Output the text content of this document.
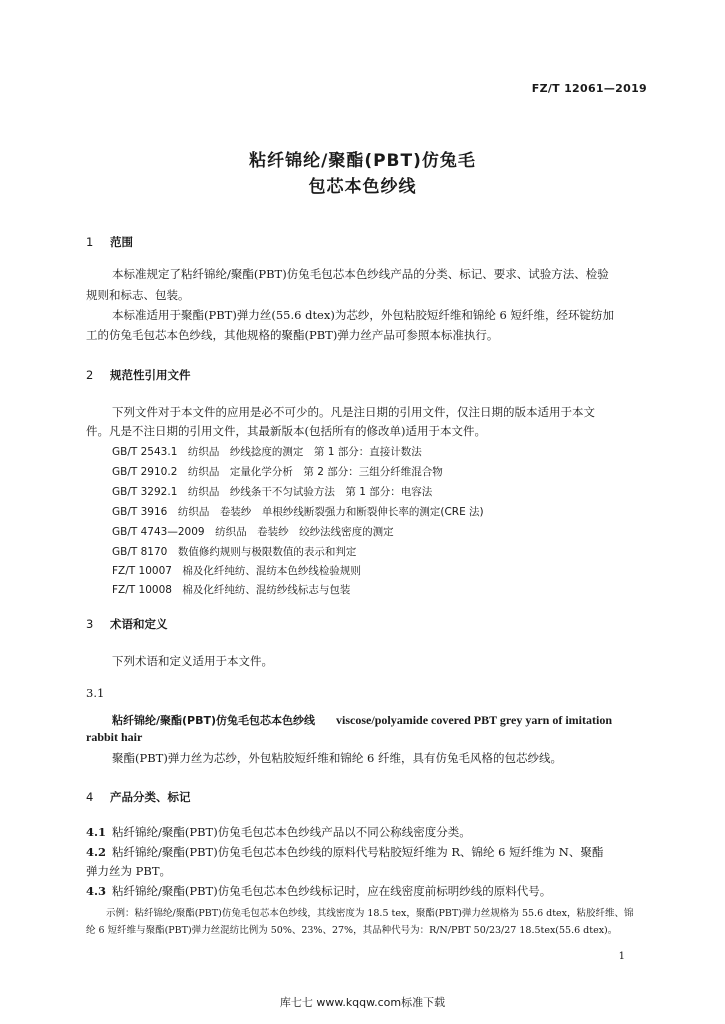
FZ/T 12061—2019
粘纤锦纶/聚酯(PBT)仿兔毛
包芯本色纱线
1 范围
本标准规定了粘纤锦纶/聚酯(PBT)仿兔毛包芯本色纱线产品的分类、标记、要求、试验方法、检验
规则和标志、包装。
本标准适用于聚酯(PBT)弹力丝(55.6 dtex)为芯纱，外包粘胶短纤维和锦纶 6 短纤维，经环锭纺加
工的仿兔毛包芯本色纱线，其他规格的聚酯(PBT)弹力丝产品可参照本标准执行。
2 规范性引用文件
下列文件对于本文件的应用是必不可少的。凡是注日期的引用文件，仅注日期的版本适用于本文
件。凡是不注日期的引用文件，其最新版本(包括所有的修改单)适用于本文件。
GB/T 2543.1　纺织品　纱线捻度的测定　第 1 部分：直接计数法
GB/T 2910.2　纺织品　定量化学分析　第 2 部分：三组分纤维混合物
GB/T 3292.1　纺织品　纱线条干不匀试验方法　第 1 部分：电容法
GB/T 3916　纺织品　卷装纱　单根纱线断裂强力和断裂伸长率的测定(CRE 法)
GB/T 4743—2009　纺织品　卷装纱　绞纱法线密度的测定
GB/T 8170　数值修约规则与极限数值的表示和判定
FZ/T 10007　棉及化纤纯纺、混纺本色纱线检验规则
FZ/T 10008　棉及化纤纯纺、混纺纱线标志与包装
3 术语和定义
下列术语和定义适用于本文件。
3.1
粘纤锦纶/聚酯(PBT)仿兔毛包芯本色纱线 viscose/polyamide covered PBT grey yarn of imitation
rabbit hair
聚酯(PBT)弹力丝为芯纱，外包粘胶短纤维和锦纶 6 纤维，具有仿兔毛风格的包芯纱线。
4 产品分类、标记
4.1 粘纤锦纶/聚酯(PBT)仿兔毛包芯本色纱线产品以不同公称线密度分类。
4.2 粘纤锦纶/聚酯(PBT)仿兔毛包芯本色纱线的原料代号粘胶短纤维为 R、锦纶 6 短纤维为 N、聚酯
弹力丝为 PBT。
4.3 粘纤锦纶/聚酯(PBT)仿兔毛包芯本色纱线标记时，应在线密度前标明纱线的原料代号。
示例：粘纤锦纶/聚酯(PBT)仿兔毛包芯本色纱线，其线密度为 18.5 tex，聚酯(PBT)弹力丝规格为 55.6 dtex，粘胶纤维、锦
纶 6 短纤维与聚酯(PBT)弹力丝混纺比例为 50%、23%、27%，其品种代号为：R/N/PBT 50/23/27 18.5tex(55.6 dtex)。
1
库七七 www.kqqw.com标准下载
